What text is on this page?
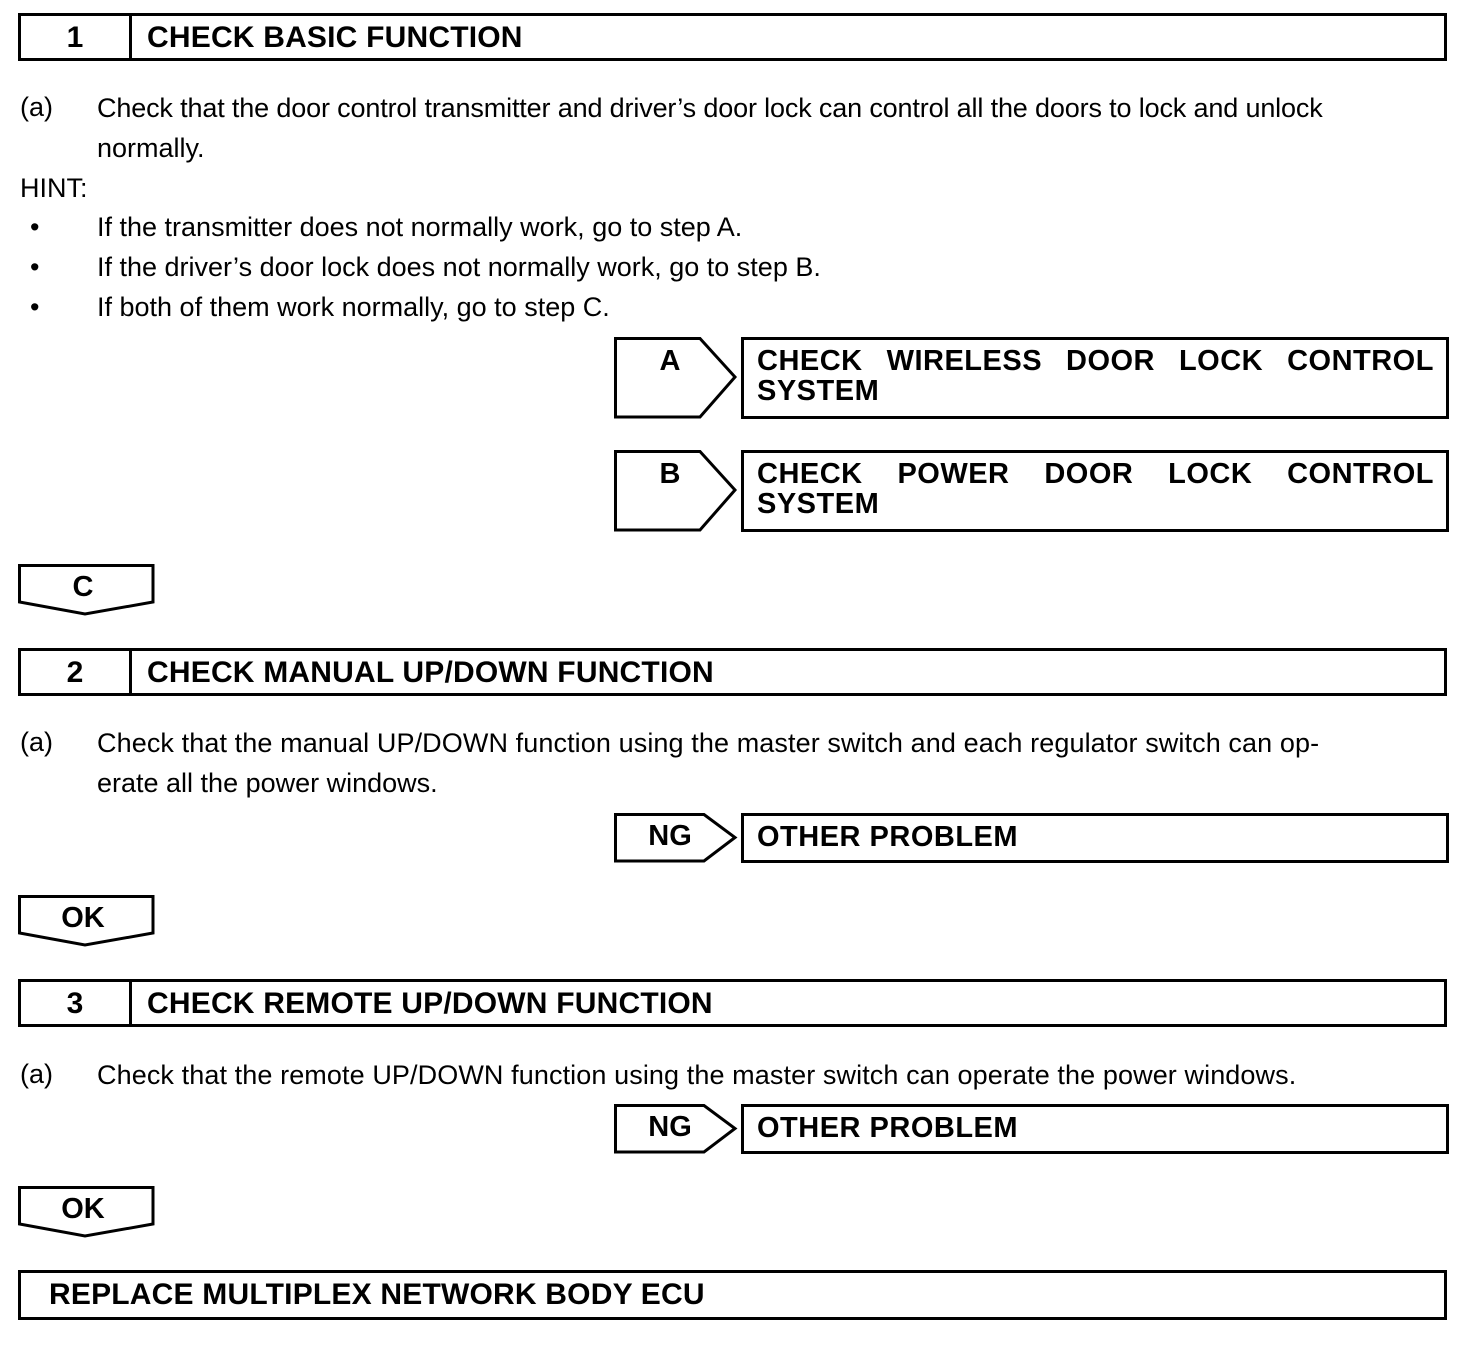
1	CHECK BASIC FUNCTION
(a) Check that the door control transmitter and driver’s door lock can control all the doors to lock and unlock
normally.
HINT:
• If the transmitter does not normally work, go to step A.
• If the driver’s door lock does not normally work, go to step B.
• If both of them work normally, go to step C.
A	CHECK WIRELESS DOOR LOCK CONTROL
SYSTEM
B	CHECK POWER DOOR LOCK CONTROL
SYSTEM
C
2	CHECK MANUAL UP/DOWN FUNCTION
(a) Check that the manual UP/DOWN function using the master switch and each regulator switch can op-
erate all the power windows.
NG	OTHER PROBLEM
OK
3	CHECK REMOTE UP/DOWN FUNCTION
(a) Check that the remote UP/DOWN function using the master switch can operate the power windows.
NG	OTHER PROBLEM
OK
REPLACE MULTIPLEX NETWORK BODY ECU
